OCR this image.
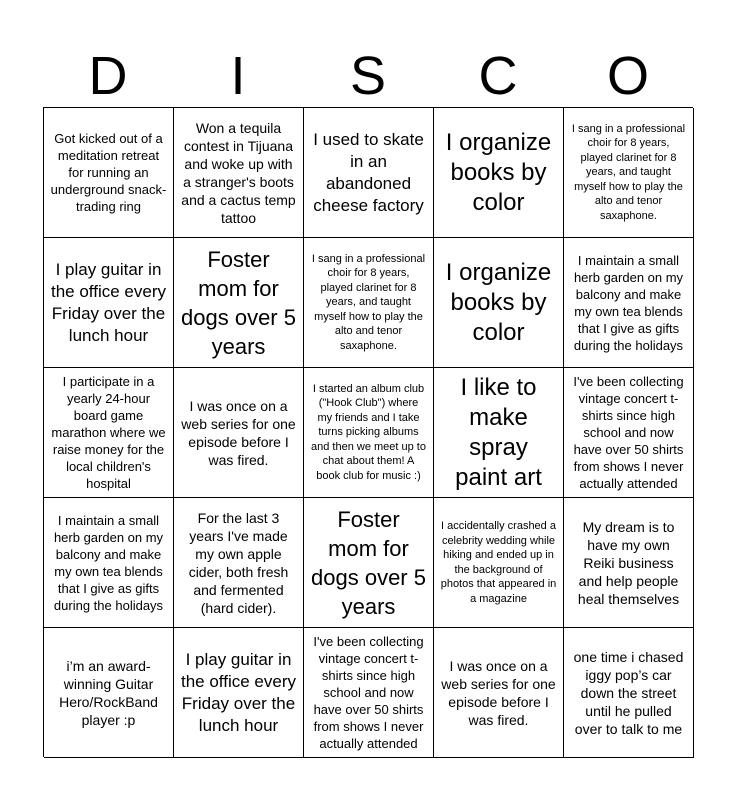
D	I	S	C	O
Got kicked out of a meditation retreat for running an underground snack-trading ring
Won a tequila contest in Tijuana and woke up with a stranger's boots and a cactus temp tattoo
I used to skate in an abandoned cheese factory
I organize books by color
I sang in a professional choir for 8 years, played clarinet for 8 years, and taught myself how to play the alto and tenor saxaphone.
I play guitar in the office every Friday over the lunch hour
Foster mom for dogs over 5 years
I sang in a professional choir for 8 years, played clarinet for 8 years, and taught myself how to play the alto and tenor saxaphone.
I organize books by color
I maintain a small herb garden on my balcony and make my own tea blends that I give as gifts during the holidays
I participate in a yearly 24-hour board game marathon where we raise money for the local children's hospital
I was once on a web series for one episode before I was fired.
I started an album club ("Hook Club") where my friends and I take turns picking albums and then we meet up to chat about them! A book club for music :)
I like to make spray paint art
I've been collecting vintage concert t-shirts since high school and now have over 50 shirts from shows I never actually attended
I maintain a small herb garden on my balcony and make my own tea blends that I give as gifts during the holidays
For the last 3 years I've made my own apple cider, both fresh and fermented (hard cider).
Foster mom for dogs over 5 years
I accidentally crashed a celebrity wedding while hiking and ended up in the background of photos that appeared in a magazine
My dream is to have my own Reiki business and help people heal themselves
i’m an award-winning Guitar Hero/RockBand player :p
I play guitar in the office every Friday over the lunch hour
I've been collecting vintage concert t-shirts since high school and now have over 50 shirts from shows I never actually attended
I was once on a web series for one episode before I was fired.
one time i chased iggy pop’s car down the street until he pulled over to talk to me
